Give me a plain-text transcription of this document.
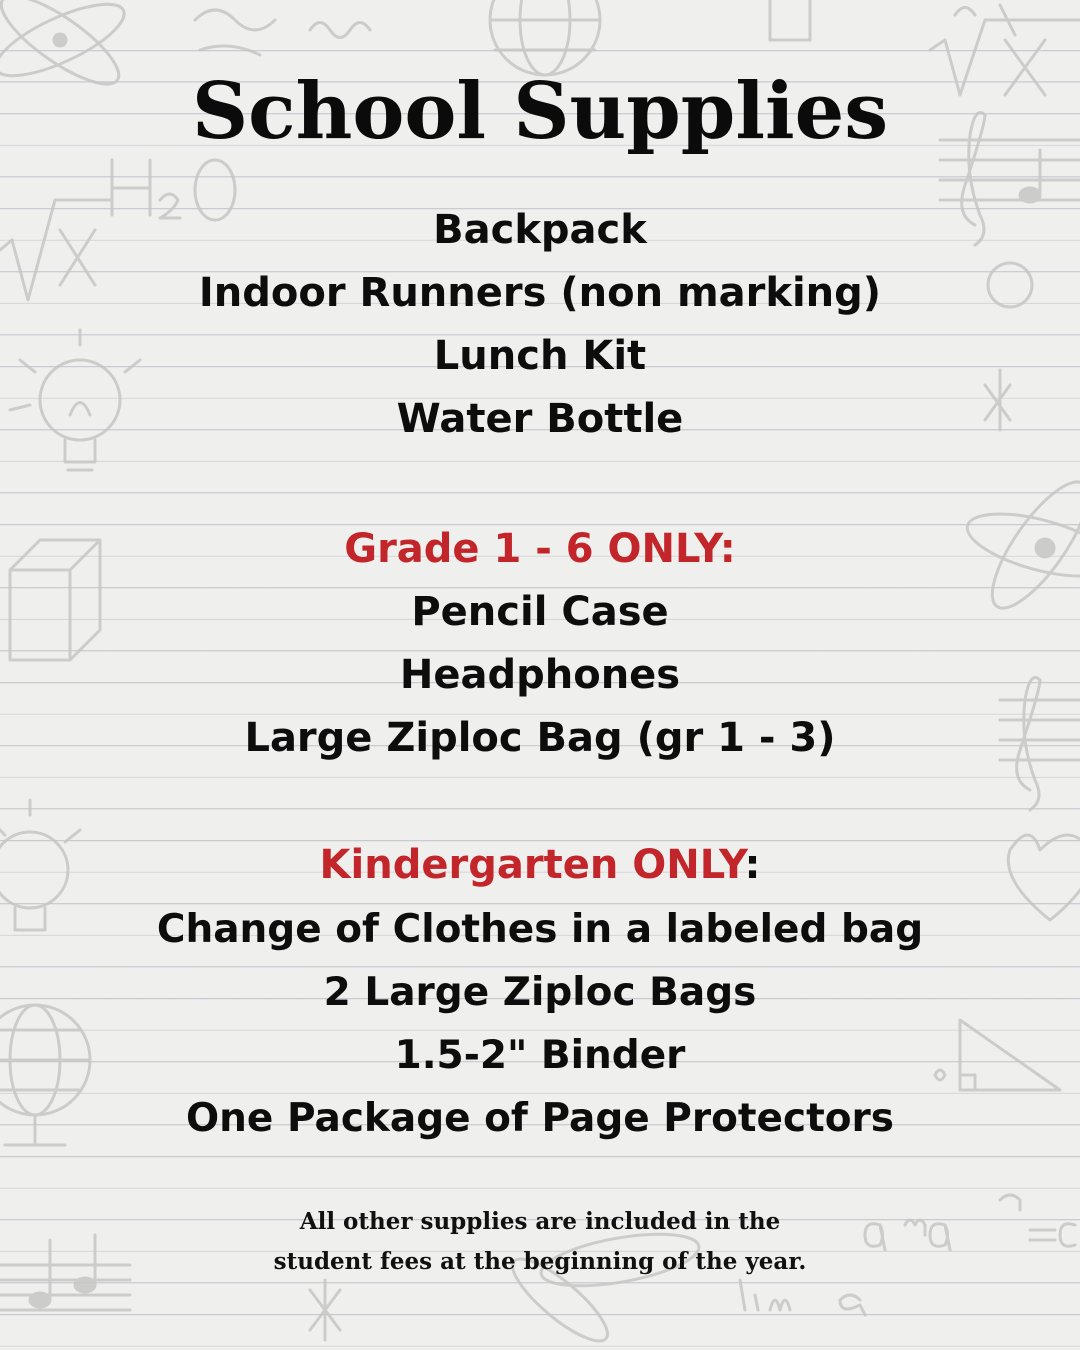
School Supplies
Backpack
Indoor Runners (non marking)
Lunch Kit
Water Bottle
Grade 1 - 6 ONLY:
Pencil Case
Headphones
Large Ziploc Bag (gr 1 - 3)
Kindergarten ONLY:
Change of Clothes in a labeled bag
2 Large Ziploc Bags
1.5-2" Binder
One Package of Page Protectors
All other supplies are included in the
student fees at the beginning of the year.
